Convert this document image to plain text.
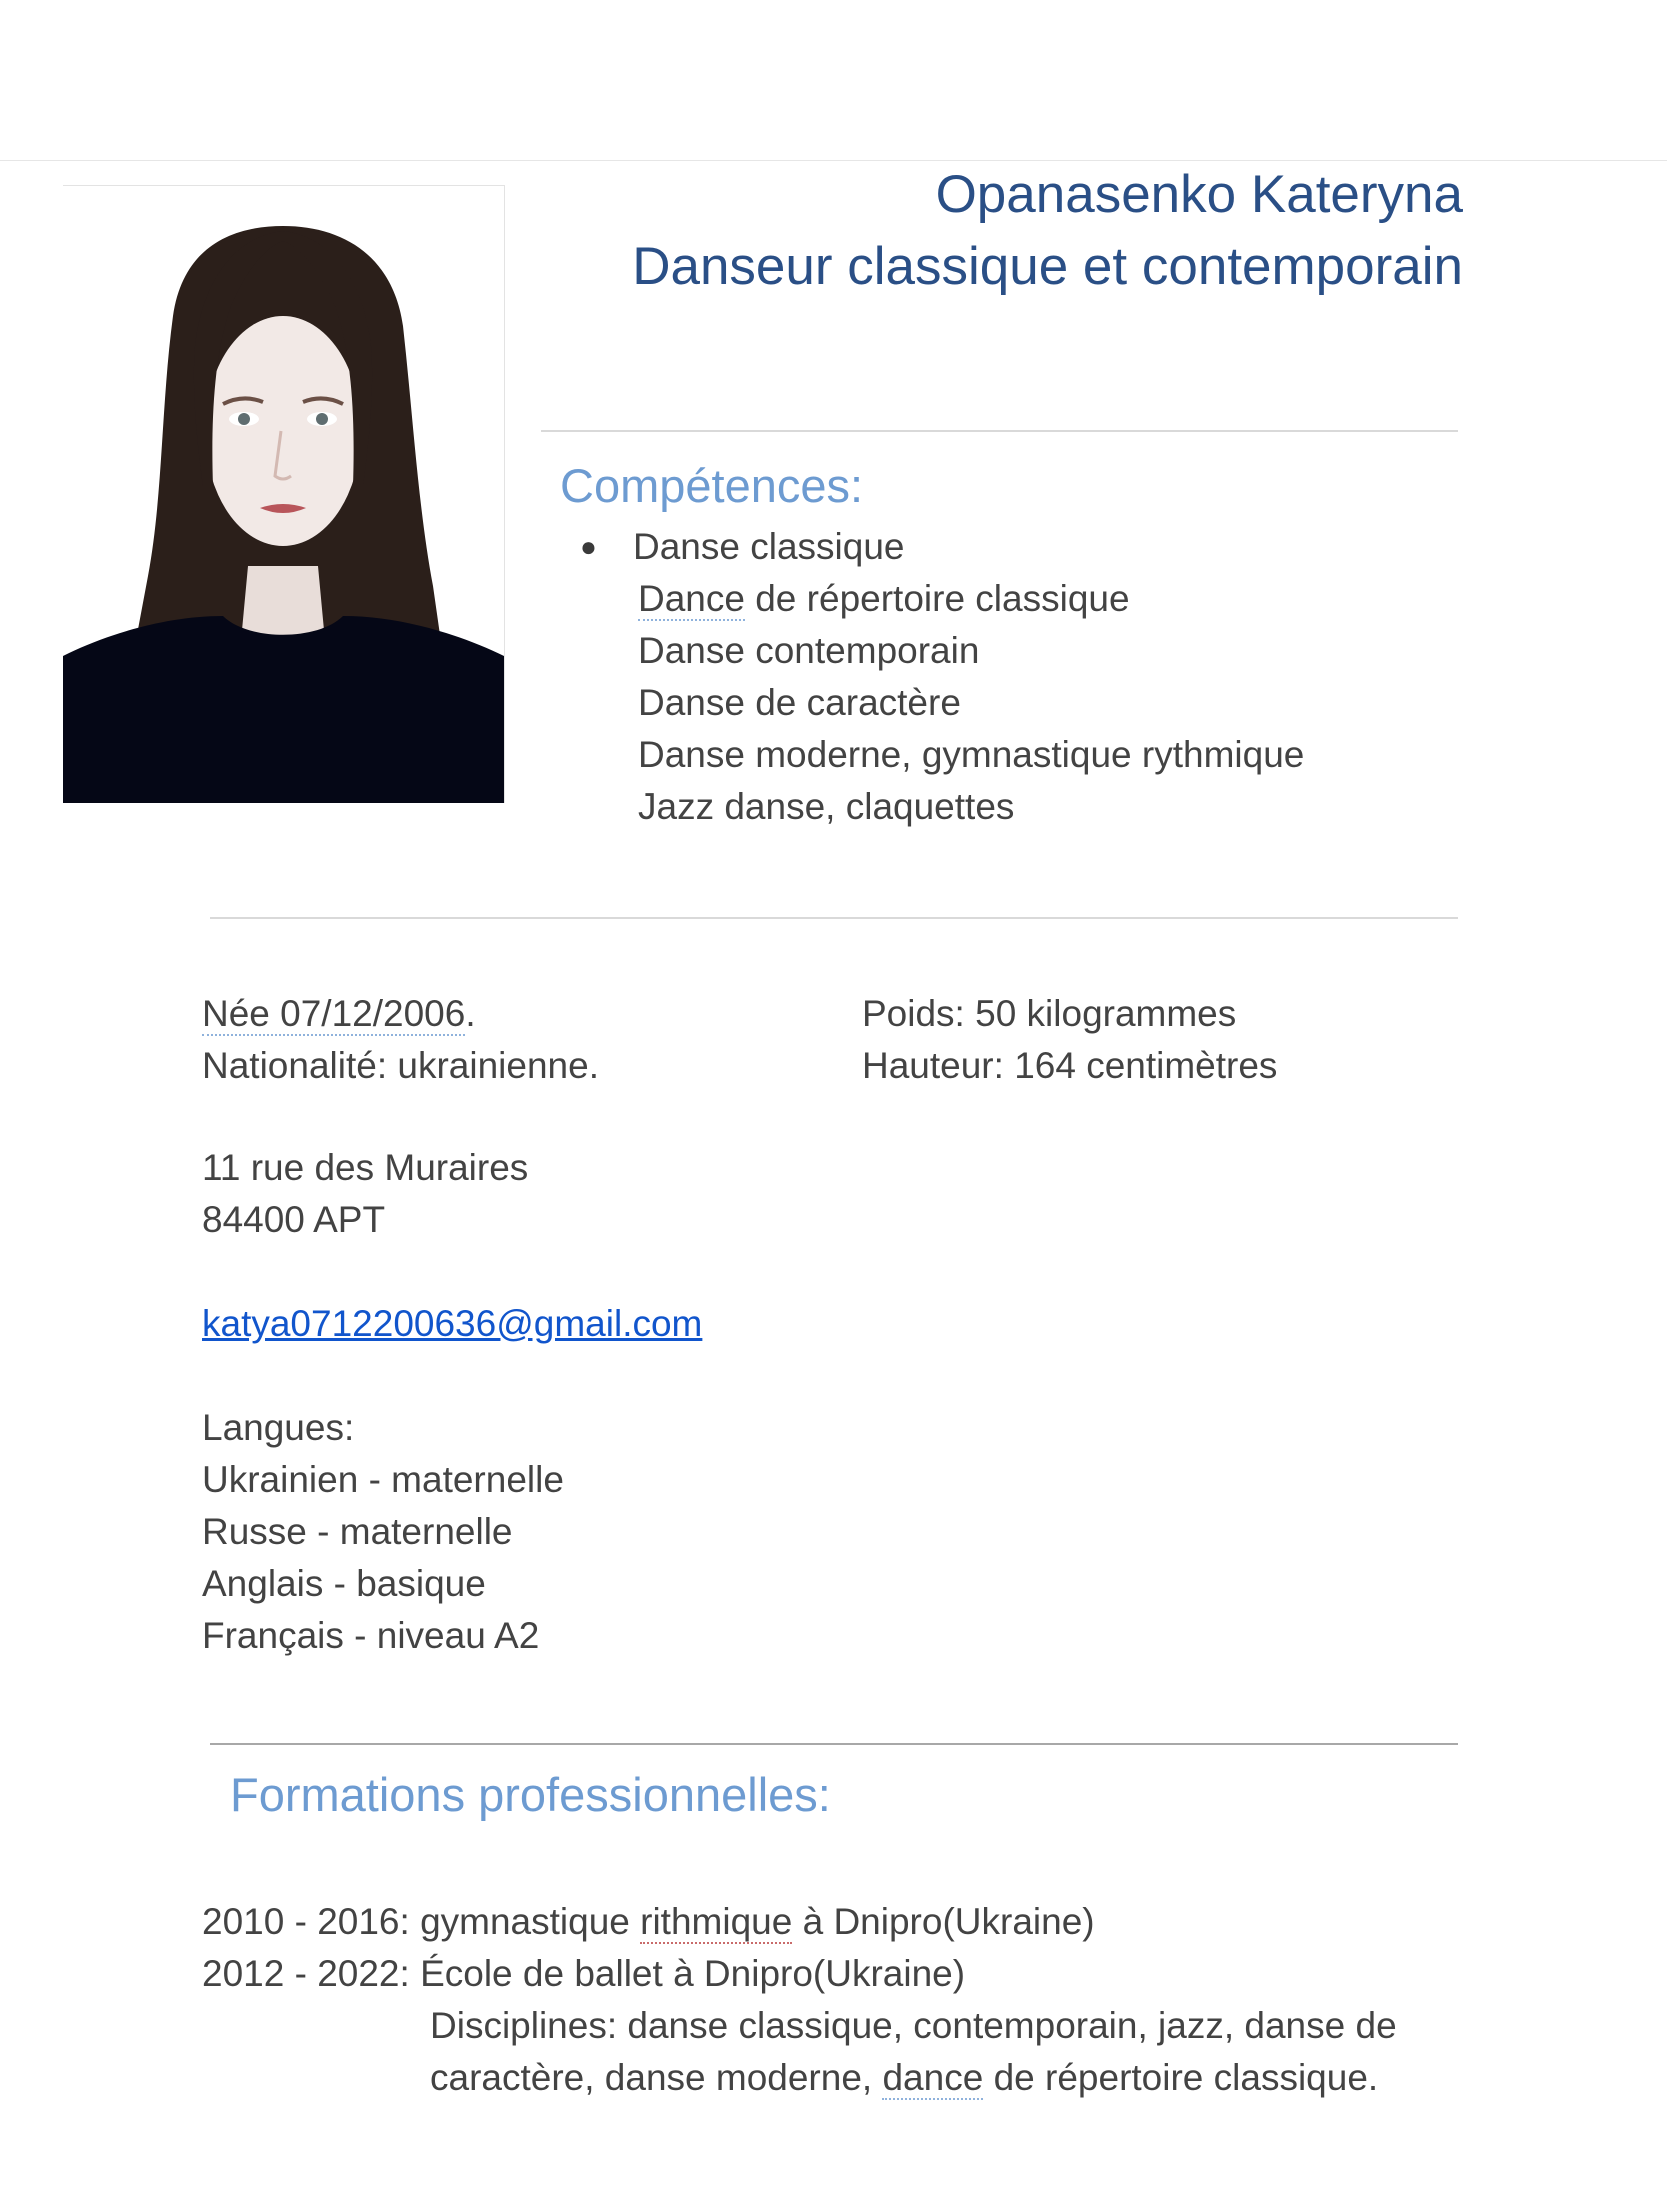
Opanasenko Kateryna
Danseur classique et contemporain
Compétences:
● Danse classique
Dance de répertoire classique
Danse contemporain
Danse de caractère
Danse moderne, gymnastique rythmique
Jazz danse, claquettes
Née 07/12/2006.
Nationalité: ukrainienne.
Poids: 50 kilogrammes
Hauteur: 164 centimètres
11 rue des Muraires
84400 APT
katya0712200636@gmail.com
Langues:
Ukrainien - maternelle
Russe - maternelle
Anglais - basique
Français - niveau A2
Formations professionnelles:
2010 - 2016: gymnastique rithmique à Dnipro(Ukraine)
2012 - 2022: École de ballet à Dnipro(Ukraine)
Disciplines: danse classique, contemporain, jazz, danse de
caractère, danse moderne, dance de répertoire classique.
